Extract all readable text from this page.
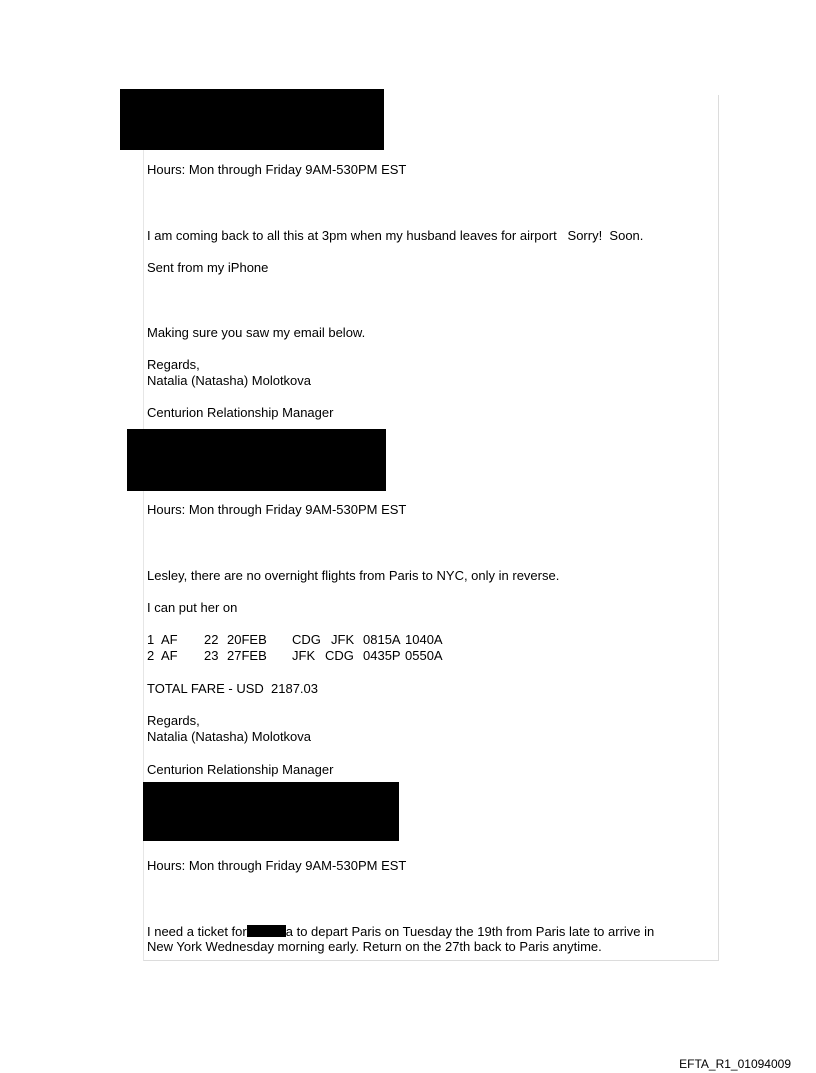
Hours: Mon through Friday 9AM-530PM EST
I am coming back to all this at 3pm when my husband leaves for airport   Sorry!  Soon.
Sent from my iPhone
Making sure you saw my email below.
Regards,
Natalia (Natasha) Molotkova
Centurion Relationship Manager
Hours: Mon through Friday 9AM-530PM EST
Lesley, there are no overnight flights from Paris to NYC, only in reverse.
I can put her on
1 AF 22 20FEB CDG JFK 0815A 1040A
2 AF 23 27FEB JFK CDG 0435P 0550A
TOTAL FARE - USD  2187.03
Regards,
Natalia (Natasha) Molotkova
Centurion Relationship Manager
Hours: Mon through Friday 9AM-530PM EST
I need a ticket for	a to depart Paris on Tuesday the 19th from Paris late to arrive in
New York Wednesday morning early. Return on the 27th back to Paris anytime.
EFTA_R1_01094009
